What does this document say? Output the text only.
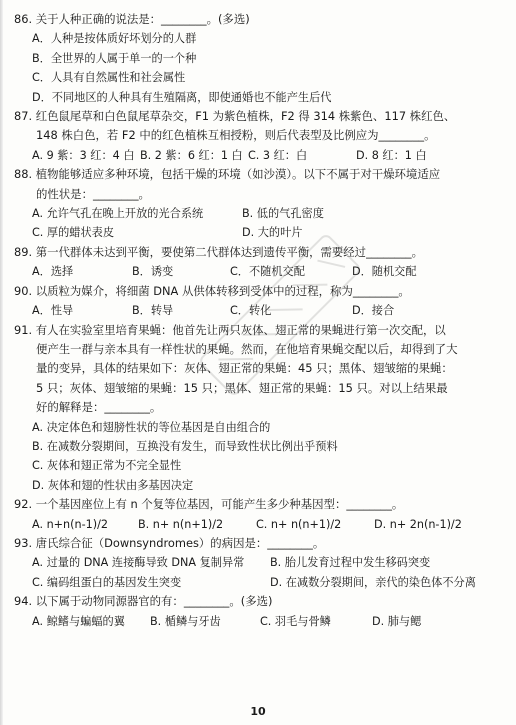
86. 关于人种正确的说法是：________。(多选)
A．人种是按体质好坏划分的人群
B．全世界的人属于单一的一个种
C．人具有自然属性和社会属性
D．不同地区的人种具有生殖隔离，即使通婚也不能产生后代
87. 红色鼠尾草和白色鼠尾草杂交，F1 为紫色植株，F2 得 314 株紫色、117 株红色、
148 株白色，若 F2 中的红色植株互相授粉，则后代表型及比例应为________。
A. 9 紫：3 红：4 白 B. 2 紫：6 红：1 白 C. 3 红：白	D. 8 红：1 白
88. 植物能够适应多种环境，包括干燥的环境（如沙漠）。以下不属于对干燥环境适应
的性状是：________。
A. 允许气孔在晚上开放的光合系统	B. 低的气孔密度
C. 厚的蜡状表皮	D. 大的叶片
89. 第一代群体未达到平衡，要使第二代群体达到遗传平衡，需要经过________。
A．选择	B．诱变	C．不随机交配	D．随机交配
90. 以质粒为媒介，将细菌 DNA 从供体转移到受体中的过程，称为________。
A．性导	B．转导	C．转化	D．接合
91. 有人在实验室里培育果蝇：他首先让两只灰体、翅正常的果蝇进行第一次交配，以
便产生一群与亲本具有一样性状的果蝇。然而，在他培育果蝇交配以后，却得到了大
量的变异，具体的结果如下：灰体、翅正常的果蝇：45 只；黑体、翅皱缩的果蝇：
5 只；灰体、翅皱缩的果蝇：15 只；黑体、翅正常的果蝇：15 只。对以上结果最
好的解释是：________。
A. 决定体色和翅膀性状的等位基因是自由组合的
B. 在减数分裂期间，互换没有发生，而导致性状比例出乎预料
C. 灰体和翅正常为不完全显性
D. 灰体和翅的性状由多基因决定
92. 一个基因座位上有 n 个复等位基因，可能产生多少种基因型：________。
A. n+n(n-1)/2	B. n+ n(n+1)/2	C. n+ n(n+1)/2	D. n+ 2n(n-1)/2
93. 唐氏综合征（Downsyndromes）的病因是：________。
A. 过量的 DNA 连接酶导致 DNA 复制异常	B. 胎儿发育过程中发生移码突变
C. 编码组蛋白的基因发生突变	D. 在减数分裂期间，亲代的染色体不分离
94. 以下属于动物同源器官的有：________。(多选)
A. 鲸鳍与蝙蝠的翼	B. 楯鳞与牙齿	C. 羽毛与骨鳞	D. 肺与鳃
10
